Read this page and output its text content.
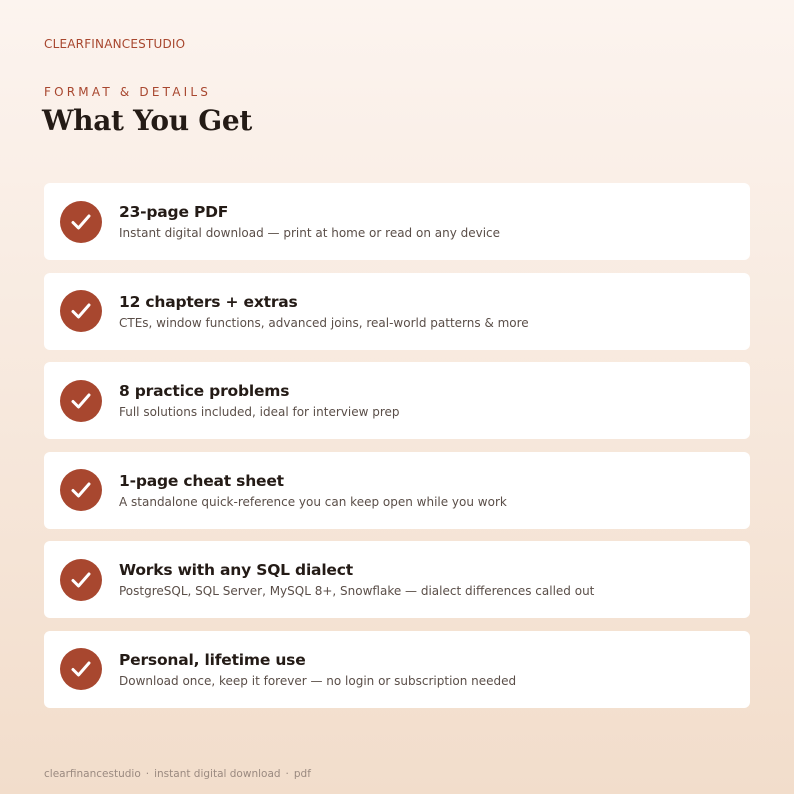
CLEARFINANCESTUDIO
FORMAT & DETAILS
What You Get
23-page PDF
Instant digital download — print at home or read on any device
12 chapters + extras
CTEs, window functions, advanced joins, real-world patterns & more
8 practice problems
Full solutions included, ideal for interview prep
1-page cheat sheet
A standalone quick-reference you can keep open while you work
Works with any SQL dialect
PostgreSQL, SQL Server, MySQL 8+, Snowflake — dialect differences called out
Personal, lifetime use
Download once, keep it forever — no login or subscription needed
clearfinancestudio · instant digital download · pdf
